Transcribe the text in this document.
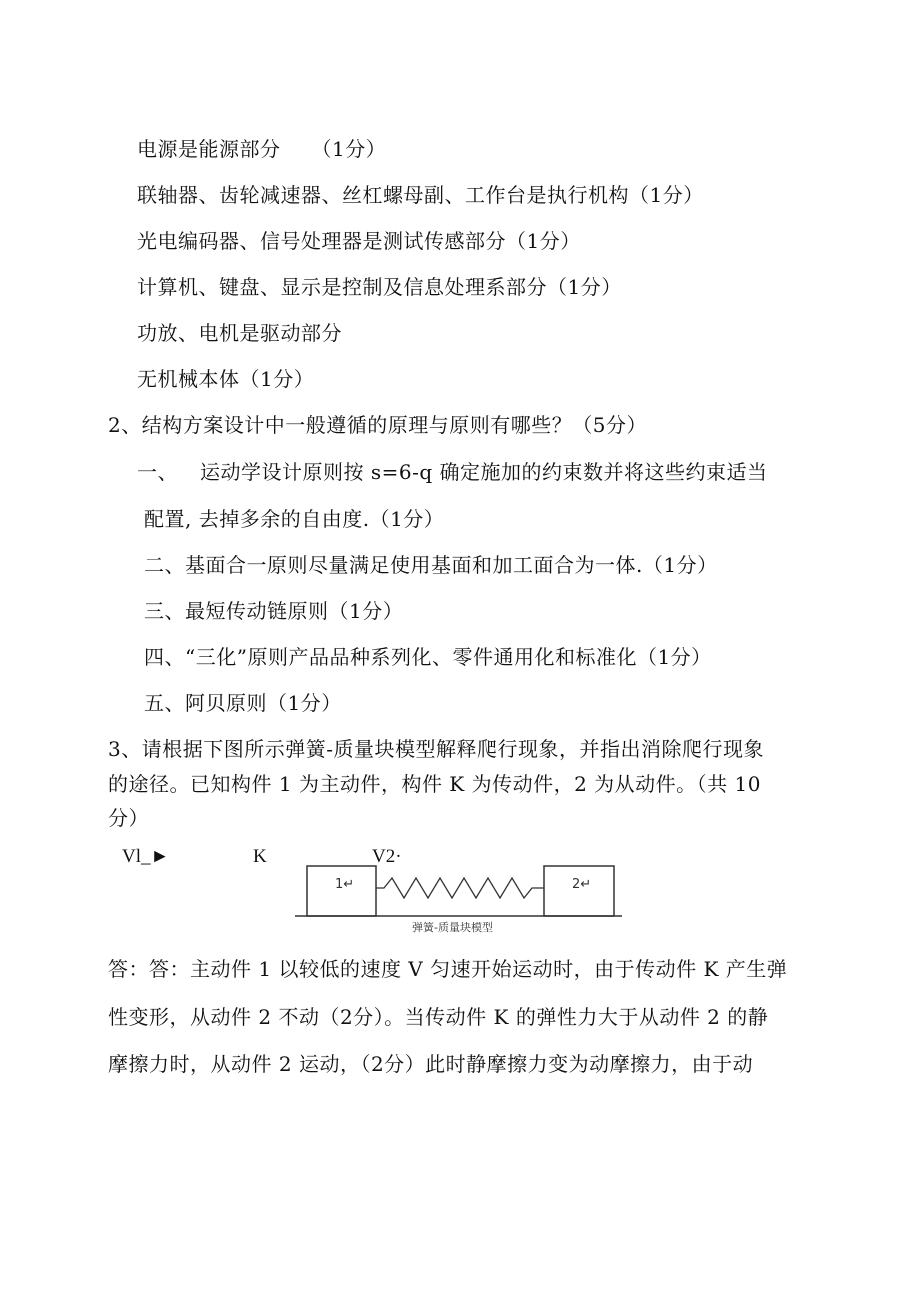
电源是能源部分　　（1分）
联轴器、齿轮减速器、丝杠螺母副、工作台是执行机构（1分）
光电编码器、信号处理器是测试传感部分（1分）
计算机、键盘、显示是控制及信息处理系部分（1分）
功放、电机是驱动部分
无机械本体（1分）
2、结构方案设计中一般遵循的原理与原则有哪些？（5分）
一、 运动学设计原则按 s=6-q 确定施加的约束数并将这些约束适当
配置, 去掉多余的自由度.（1分）
二、基面合一原则尽量满足使用基面和加工面合为一体.（1分）
三、最短传动链原则（1分）
四、“三化”原则产品品种系列化、零件通用化和标准化（1分）
五、阿贝原则（1分）
3、请根据下图所示弹簧-质量块模型解释爬行现象，并指出消除爬行现象
的途径。已知构件 1 为主动件，构件 K 为传动件，2 为从动件。（共 10
分）
Vl_►	K	V2·
1↵	2↵
弹簧-质量块模型
答：答：主动件 1 以较低的速度 V 匀速开始运动时，由于传动件 K 产生弹
性变形，从动件 2 不动（2分）。当传动件 K 的弹性力大于从动件 2 的静
摩擦力时，从动件 2 运动，（2分）此时静摩擦力变为动摩擦力，由于动
